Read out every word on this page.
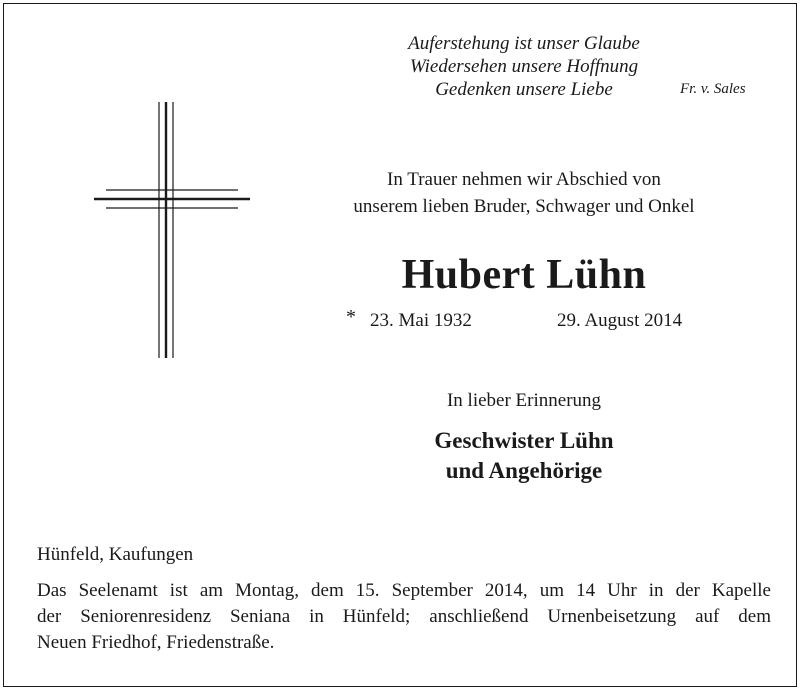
Auferstehung ist unser Glaube
Wiedersehen unsere Hoffnung
Gedenken unsere Liebe	Fr. v. Sales
In Trauer nehmen wir Abschied von
unserem lieben Bruder, Schwager und Onkel
Hubert Lühn
* 23. Mai 1932	29. August 2014
In lieber Erinnerung
Geschwister Lühn
und Angehörige
Hünfeld, Kaufungen
Das Seelenamt ist am Montag, dem 15. September 2014, um 14 Uhr in der Kapelle
der Seniorenresidenz Seniana in Hünfeld; anschließend Urnenbeisetzung auf dem
Neuen Friedhof, Friedenstraße.
